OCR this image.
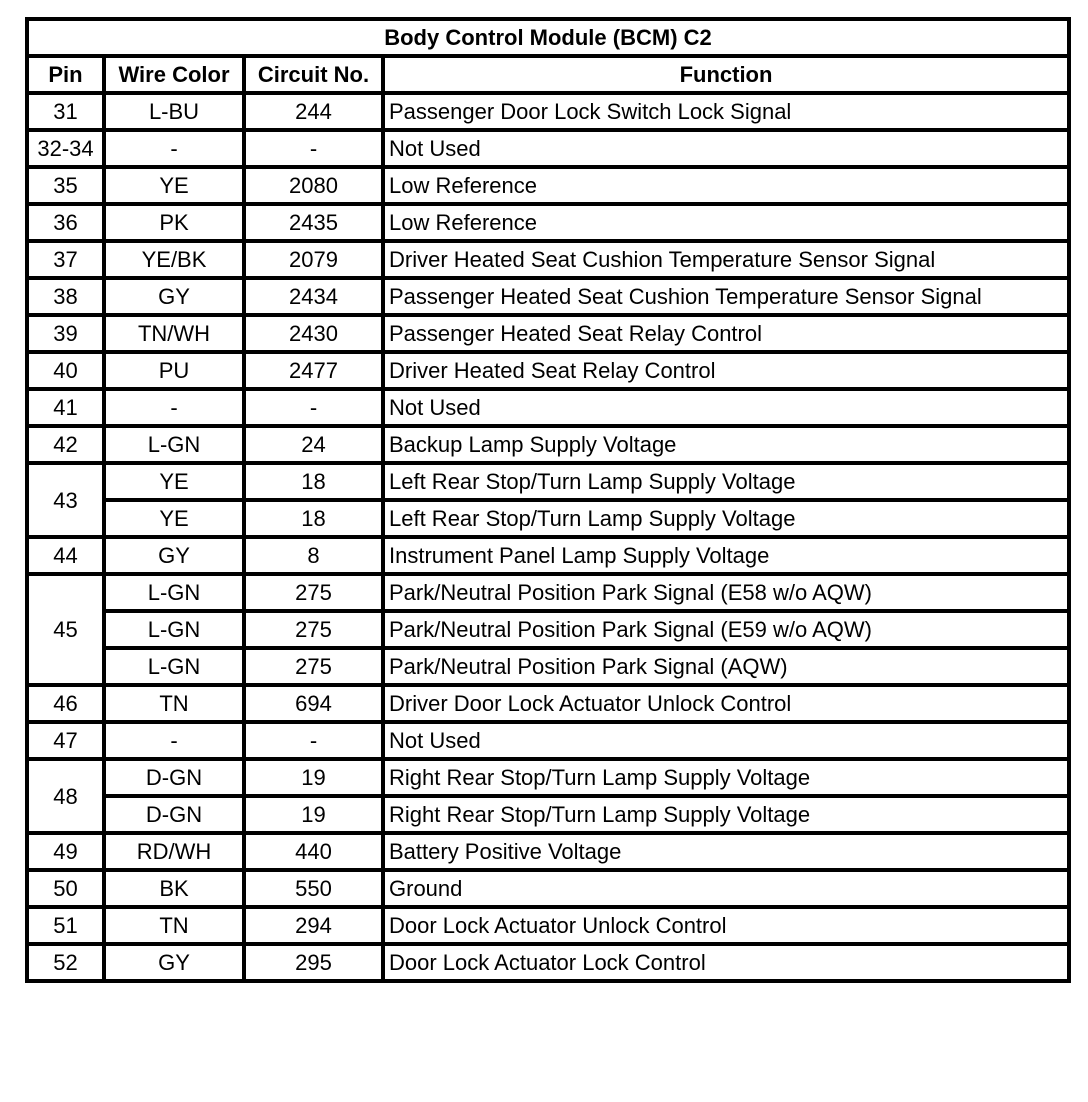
Body Control Module (BCM) C2			
Pin	Wire Color	Circuit No.	Function
31	L-BU	244	Passenger Door Lock Switch Lock Signal
32-34	-	-	Not Used
35	YE	2080	Low Reference
36	PK	2435	Low Reference
37	YE/BK	2079	Driver Heated Seat Cushion Temperature Sensor Signal
38	GY	2434	Passenger Heated Seat Cushion Temperature Sensor Signal
39	TN/WH	2430	Passenger Heated Seat Relay Control
40	PU	2477	Driver Heated Seat Relay Control
41	-	-	Not Used
42	L-GN	24	Backup Lamp Supply Voltage
43	YE	18	Left Rear Stop/Turn Lamp Supply Voltage
	YE	18	Left Rear Stop/Turn Lamp Supply Voltage
44	GY	8	Instrument Panel Lamp Supply Voltage
45	L-GN	275	Park/Neutral Position Park Signal (E58 w/o AQW)
	L-GN	275	Park/Neutral Position Park Signal (E59 w/o AQW)
	L-GN	275	Park/Neutral Position Park Signal (AQW)
46	TN	694	Driver Door Lock Actuator Unlock Control
47	-	-	Not Used
48	D-GN	19	Right Rear Stop/Turn Lamp Supply Voltage
	D-GN	19	Right Rear Stop/Turn Lamp Supply Voltage
49	RD/WH	440	Battery Positive Voltage
50	BK	550	Ground
51	TN	294	Door Lock Actuator Unlock Control
52	GY	295	Door Lock Actuator Lock Control
